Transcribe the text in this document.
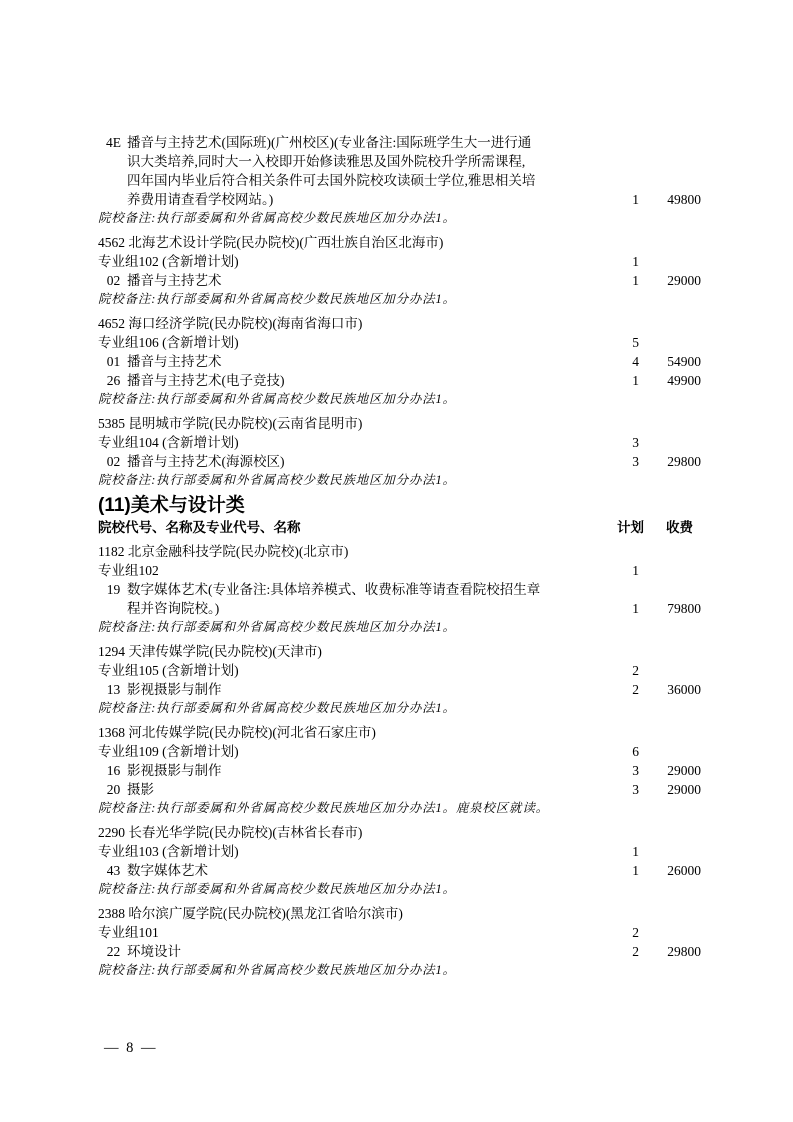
4E 播音与主持艺术(国际班)(广州校区)(专业备注:国际班学生大一进行通
识大类培养,同时大一入校即开始修读雅思及国外院校升学所需课程,
四年国内毕业后符合相关条件可去国外院校攻读硕士学位,雅思相关培
养费用请查看学校网站。)	1	49800
院校备注:执行部委属和外省属高校少数民族地区加分办法1。
4562 北海艺术设计学院(民办院校)(广西壮族自治区北海市)
专业组102 (含新增计划)	1
02 播音与主持艺术	1	29000
院校备注:执行部委属和外省属高校少数民族地区加分办法1。
4652 海口经济学院(民办院校)(海南省海口市)
专业组106 (含新增计划)	5
01 播音与主持艺术	4	54900
26 播音与主持艺术(电子竞技)	1	49900
院校备注:执行部委属和外省属高校少数民族地区加分办法1。
5385 昆明城市学院(民办院校)(云南省昆明市)
专业组104 (含新增计划)	3
02 播音与主持艺术(海源校区)	3	29800
院校备注:执行部委属和外省属高校少数民族地区加分办法1。
(11)美术与设计类
院校代号、名称及专业代号、名称	计划	收费
1182 北京金融科技学院(民办院校)(北京市)
专业组102	1
19 数字媒体艺术(专业备注:具体培养模式、收费标准等请查看院校招生章
程并咨询院校。)	1	79800
院校备注:执行部委属和外省属高校少数民族地区加分办法1。
1294 天津传媒学院(民办院校)(天津市)
专业组105 (含新增计划)	2
13 影视摄影与制作	2	36000
院校备注:执行部委属和外省属高校少数民族地区加分办法1。
1368 河北传媒学院(民办院校)(河北省石家庄市)
专业组109 (含新增计划)	6
16 影视摄影与制作	3	29000
20 摄影	3	29000
院校备注:执行部委属和外省属高校少数民族地区加分办法1。鹿泉校区就读。
2290 长春光华学院(民办院校)(吉林省长春市)
专业组103 (含新增计划)	1
43 数字媒体艺术	1	26000
院校备注:执行部委属和外省属高校少数民族地区加分办法1。
2388 哈尔滨广厦学院(民办院校)(黑龙江省哈尔滨市)
专业组101	2
22 环境设计	2	29800
院校备注:执行部委属和外省属高校少数民族地区加分办法1。
— 8 —
